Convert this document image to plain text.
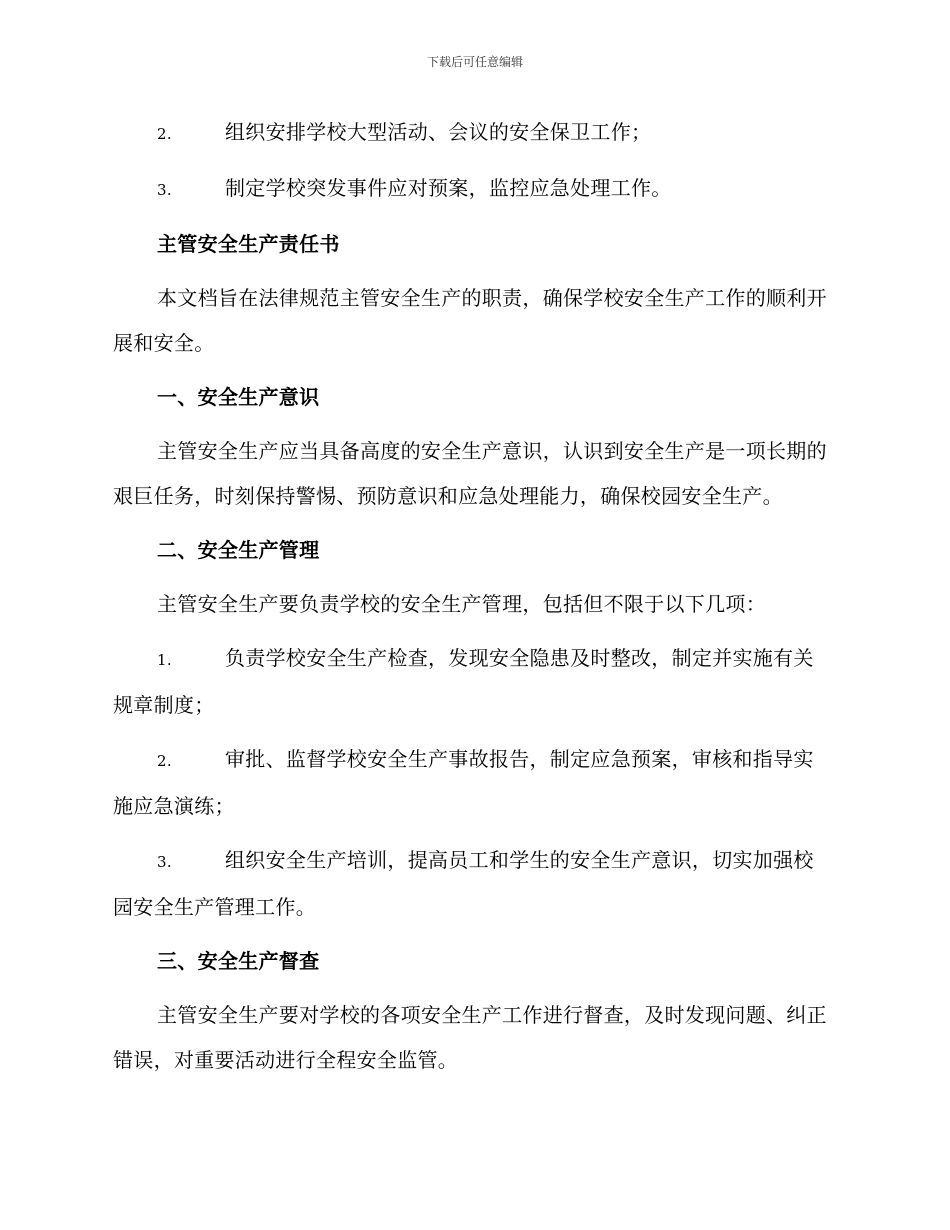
下载后可任意编辑

2.	组织安排学校大型活动、会议的安全保卫工作；

3.	制定学校突发事件应对预案，监控应急处理工作。

主管安全生产责任书

本文档旨在法律规范主管安全生产的职责，确保学校安全生产工作的顺利开展和安全。

一、安全生产意识

主管安全生产应当具备高度的安全生产意识，认识到安全生产是一项长期的艰巨任务，时刻保持警惕、预防意识和应急处理能力，确保校园安全生产。

二、安全生产管理

主管安全生产要负责学校的安全生产管理，包括但不限于以下几项：

1.	负责学校安全生产检查，发现安全隐患及时整改，制定并实施有关规章制度；

2.	审批、监督学校安全生产事故报告，制定应急预案，审核和指导实施应急演练；

3.	组织安全生产培训，提高员工和学生的安全生产意识，切实加强校园安全生产管理工作。

三、安全生产督查

主管安全生产要对学校的各项安全生产工作进行督查，及时发现问题、纠正错误，对重要活动进行全程安全监管。
